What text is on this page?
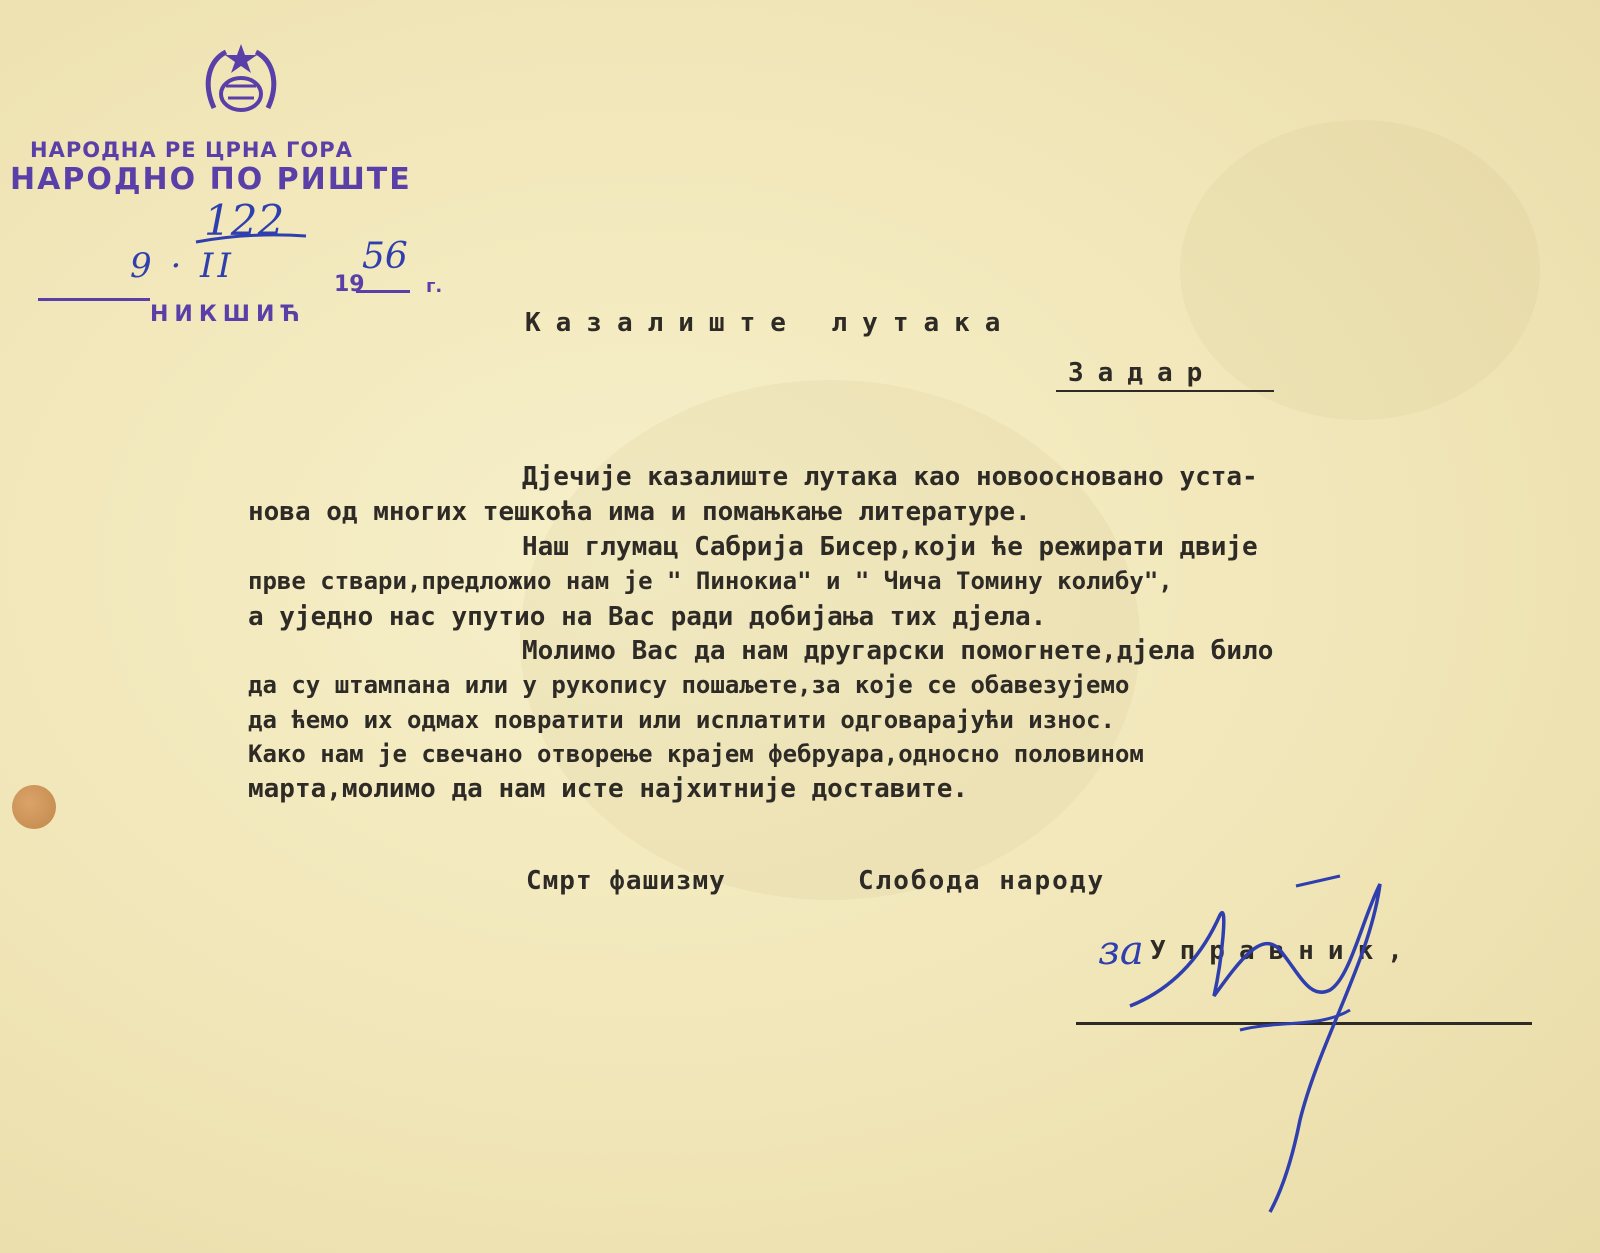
НАРОДНА РЕ ЦРНА ГОРА
НАРОДНО ПО РИШТЕ
19	г.
НИКШИЋ
122
9 · II	56
Казалиште лутака
Задар
Дјечије казалиште лутака као новоосновано уста-
нова од многих тешкоћа има и помањкање литературе.
Наш глумац Сабрија Бисер,који ће режирати двије
прве ствари,предложио нам је " Пинокиа" и " Чича Томину колибу",
а уједно нас упутио на Вас ради добијања тих дјела.
Молимо Вас да нам другарски помогнете,дјела било
да су штампана или у рукопису пошаљете,за које се обавезујемо
да ћемо их одмах повратити или исплатити одговарајући износ.
Како нам је свечано отворење крајем фебруара,односно половином
марта,молимо да нам исте најхитније доставите.
Смрт фашизму	Слобода народу
за Управник,
